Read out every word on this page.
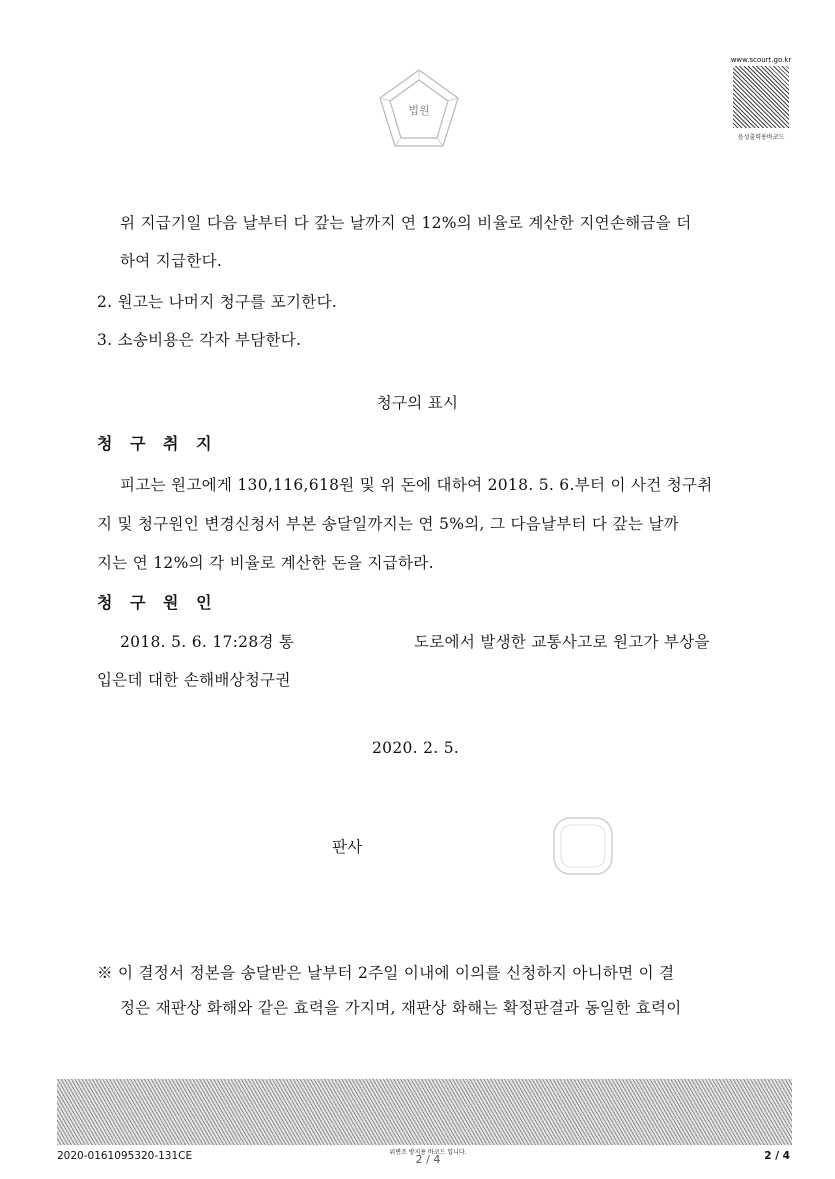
법원
www.scourt.go.kr
음성출력용바코드
위 지급기일 다음 날부터 다 갚는 날까지 연 12%의 비율로 계산한 지연손해금을 더
하여 지급한다.
2. 원고는 나머지 청구를 포기한다.
3. 소송비용은 각자 부담한다.
청구의 표시
청 구 취 지
피고는 원고에게 130,116,618원 및 위 돈에 대하여 2018. 5. 6.부터 이 사건 청구취
지 및 청구원인 변경신청서 부본 송달일까지는 연 5%의, 그 다음날부터 다 갚는 날까
지는 연 12%의 각 비율로 계산한 돈을 지급하라.
청 구 원 인
2018. 5. 6. 17:28경 통	도로에서 발생한 교통사고로 원고가 부상을
입은데 대한 손해배상청구권
2020. 2. 5.
판사
※ 이 결정서 정본을 송달받은 날부터 2주일 이내에 이의를 신청하지 아니하면 이 결
정은 재판상 화해와 같은 효력을 가지며, 재판상 화해는 확정판결과 동일한 효력이
2020-0161095320-131CE	위변조 방지용 바코드 입니다.
2 / 4	2 / 4
